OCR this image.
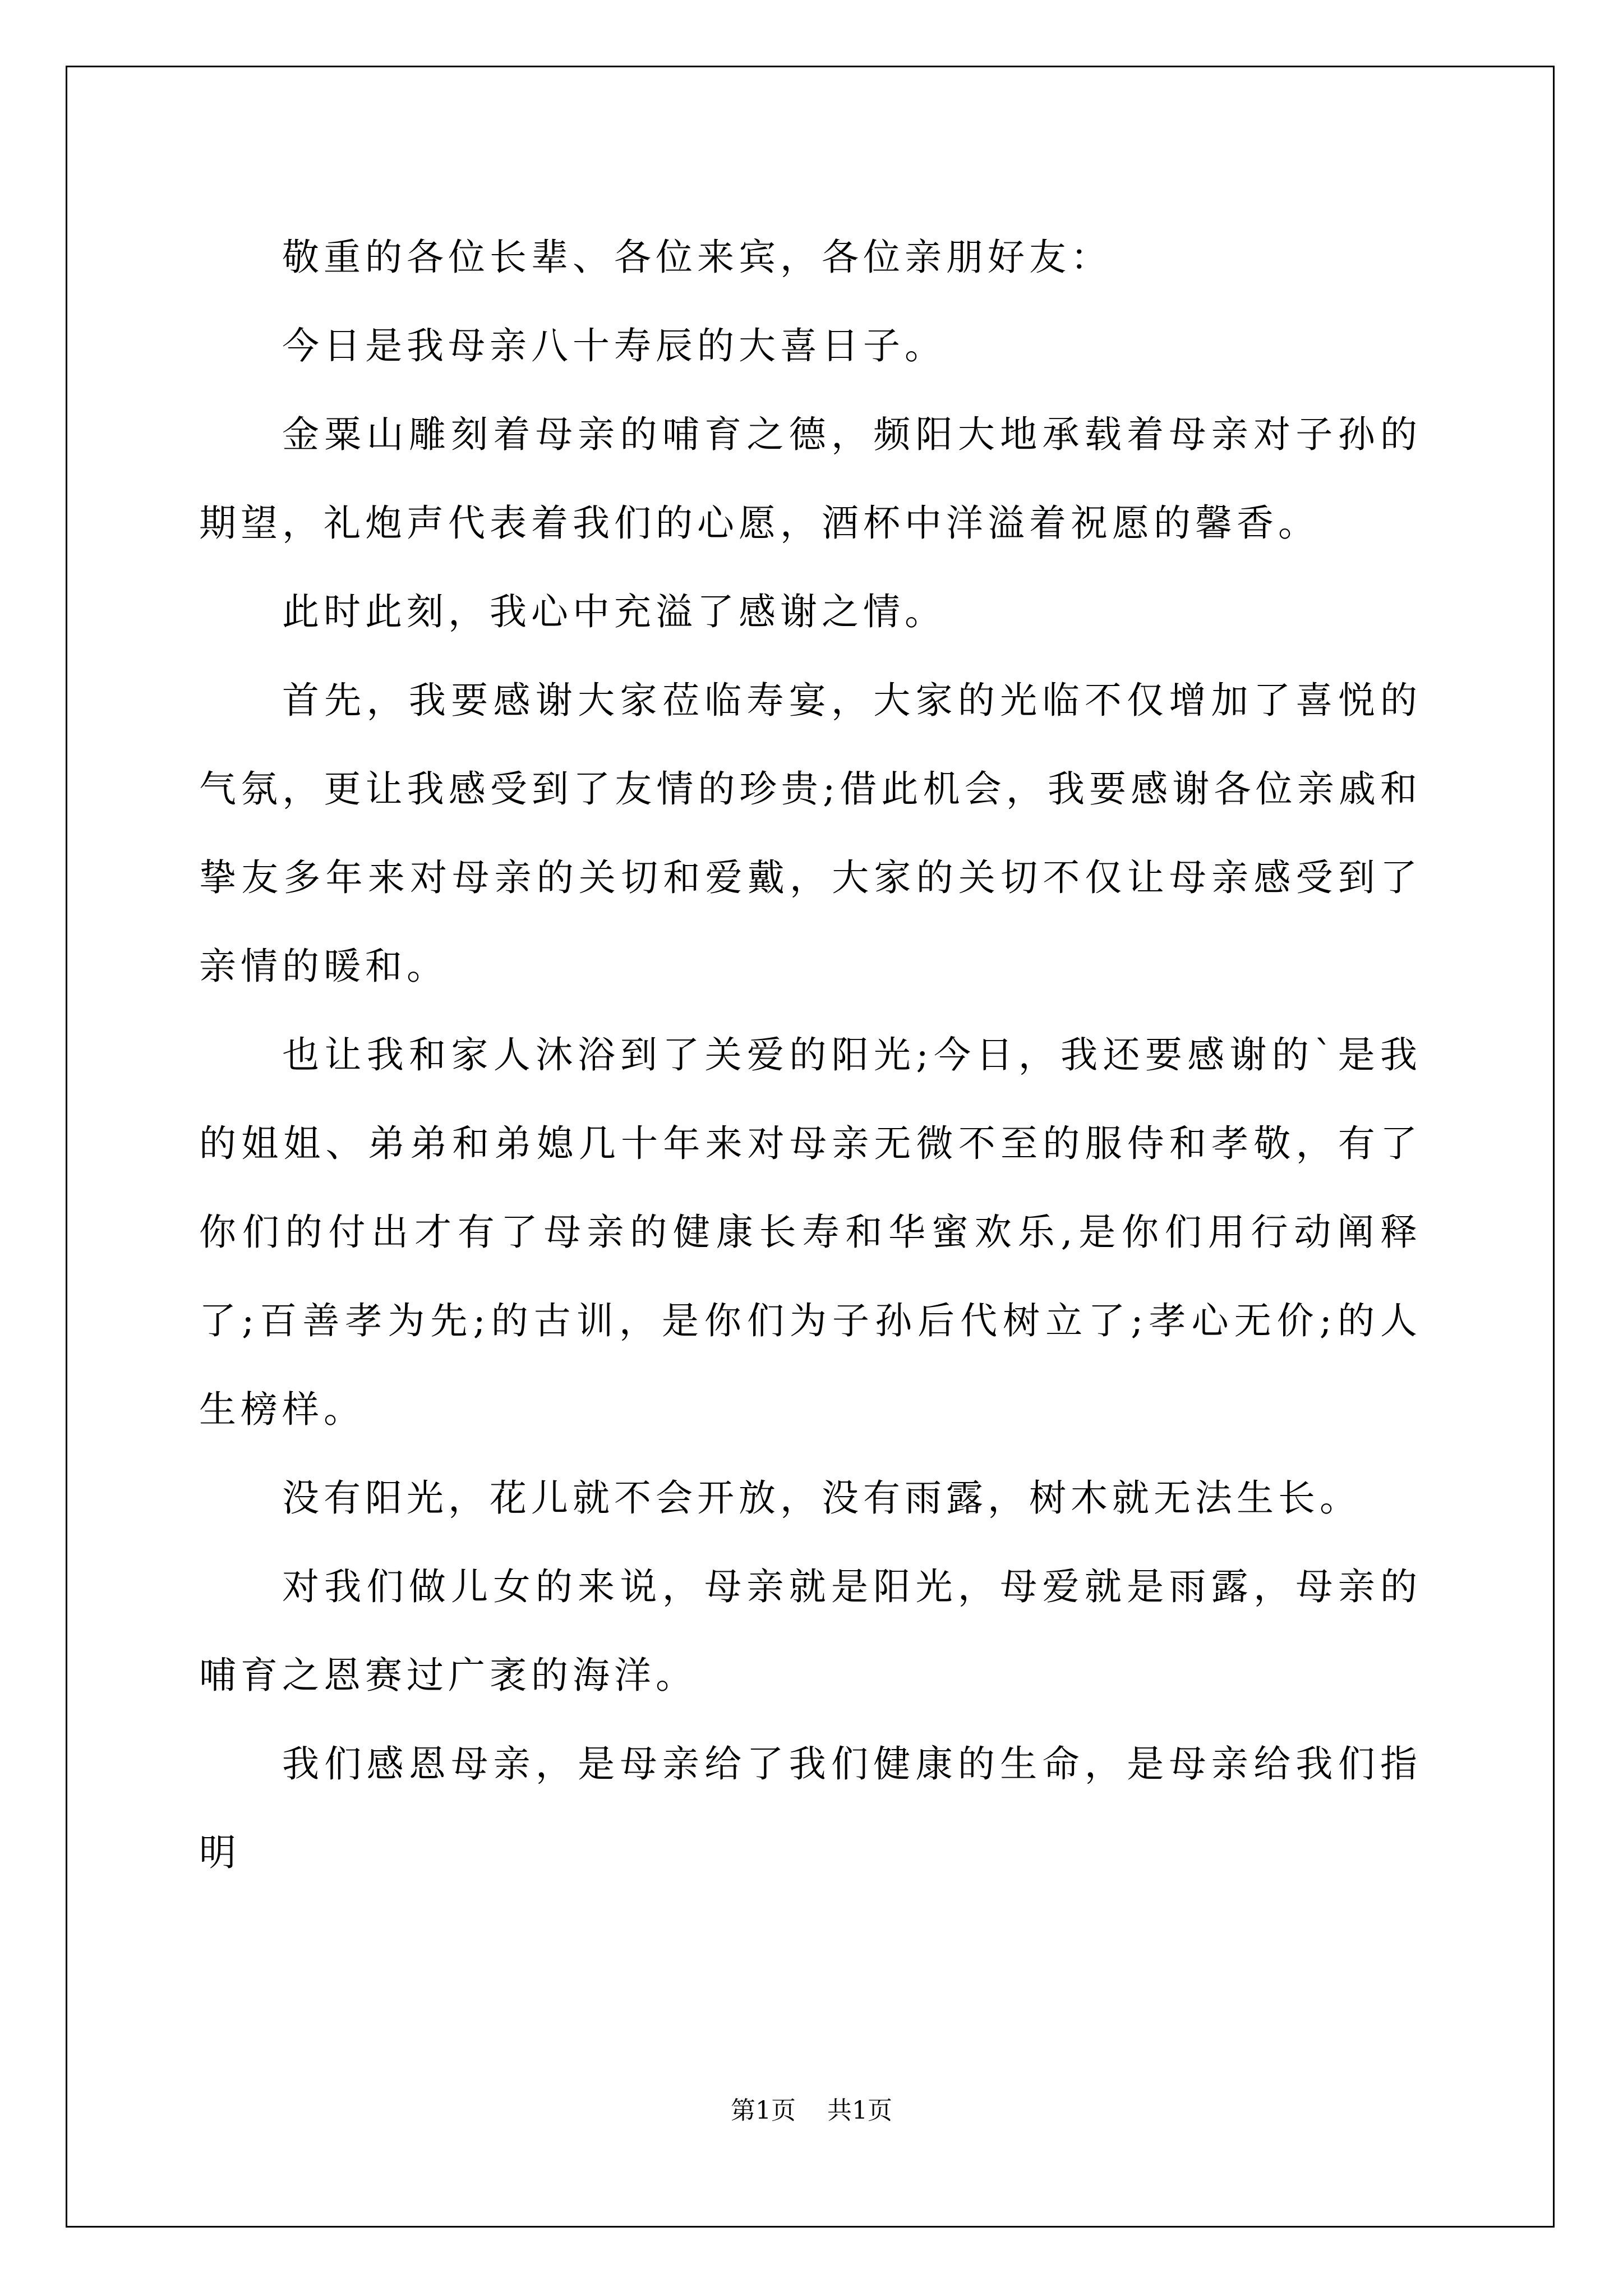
敬重的各位长辈、各位来宾，各位亲朋好友：

今日是我母亲八十寿辰的大喜日子。

金粟山雕刻着母亲的哺育之德，频阳大地承载着母亲对子孙的期望，礼炮声代表着我们的心愿，酒杯中洋溢着祝愿的馨香。

此时此刻，我心中充溢了感谢之情。

首先，我要感谢大家莅临寿宴，大家的光临不仅增加了喜悦的气氛，更让我感受到了友情的珍贵;借此机会，我要感谢各位亲戚和挚友多年来对母亲的关切和爱戴，大家的关切不仅让母亲感受到了亲情的暖和。

也让我和家人沐浴到了关爱的阳光;今日，我还要感谢的`是我的姐姐、弟弟和弟媳几十年来对母亲无微不至的服侍和孝敬，有了你们的付出才有了母亲的健康长寿和华蜜欢乐,是你们用行动阐释了;百善孝为先;的古训，是你们为子孙后代树立了;孝心无价;的人生榜样。

没有阳光，花儿就不会开放，没有雨露，树木就无法生长。

对我们做儿女的来说，母亲就是阳光，母爱就是雨露，母亲的哺育之恩赛过广袤的海洋。

我们感恩母亲，是母亲给了我们健康的生命，是母亲给我们指明

第1页 共1页
